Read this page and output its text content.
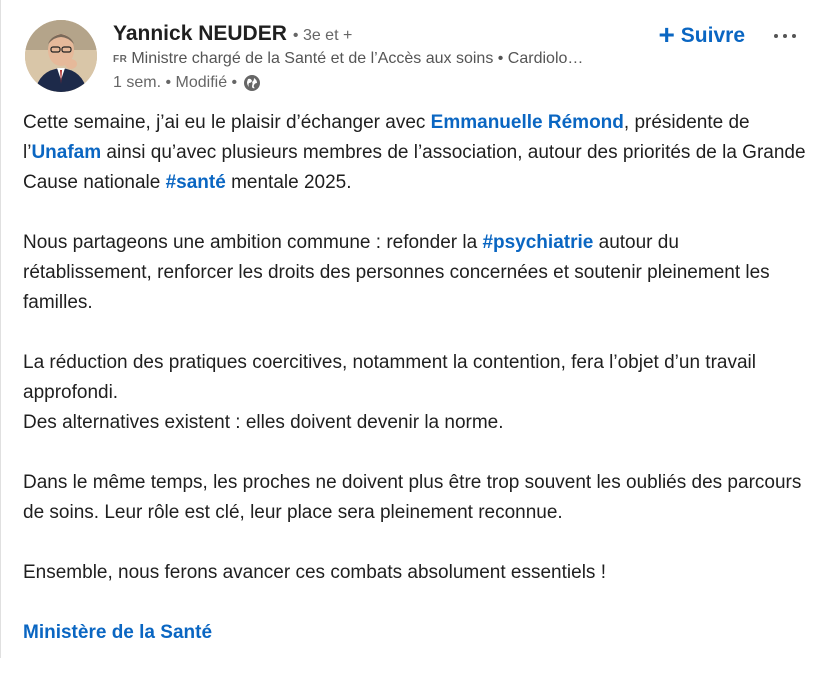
Yannick NEUDER • 3e et +
FR Ministre chargé de la Santé et de l’Accès aux soins • Cardiolo…
1 sem. • Modifié •
+ Suivre

Cette semaine, j’ai eu le plaisir d’échanger avec Emmanuelle Rémond, présidente de l’Unafam ainsi qu’avec plusieurs membres de l’association, autour des priorités de la Grande Cause nationale #santé mentale 2025.

Nous partageons une ambition commune : refonder la #psychiatrie autour du rétablissement, renforcer les droits des personnes concernées et soutenir pleinement les familles.

La réduction des pratiques coercitives, notamment la contention, fera l’objet d’un travail approfondi.
Des alternatives existent : elles doivent devenir la norme.

Dans le même temps, les proches ne doivent plus être trop souvent les oubliés des parcours de soins. Leur rôle est clé, leur place sera pleinement reconnue.

Ensemble, nous ferons avancer ces combats absolument essentiels !

Ministère de la Santé
